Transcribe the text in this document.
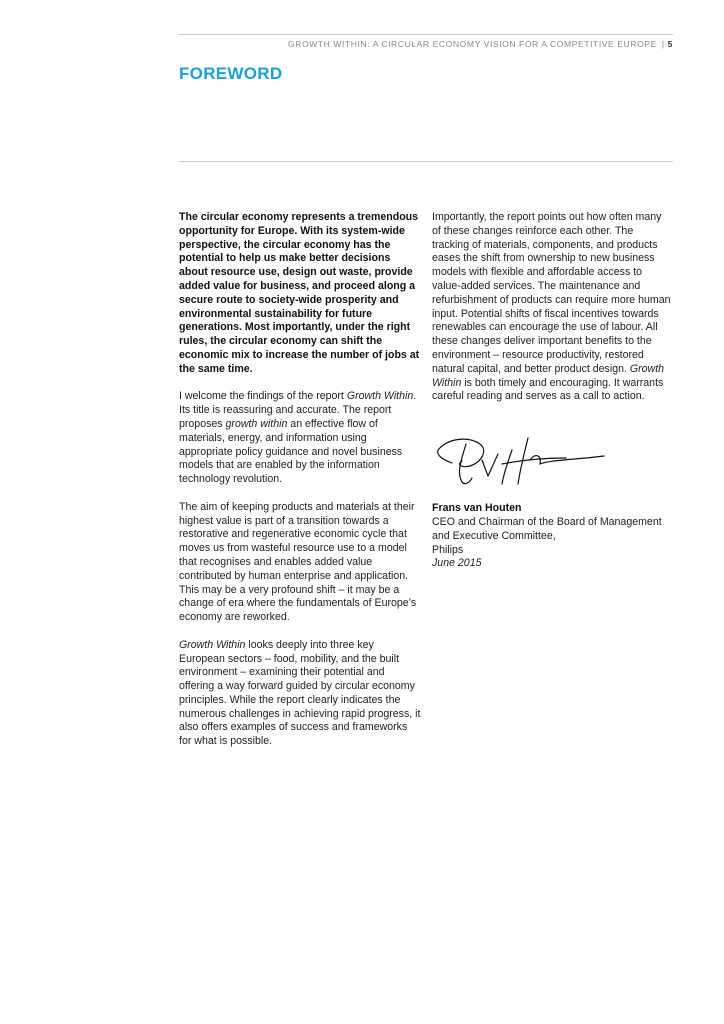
GROWTH WITHIN: A CIRCULAR ECONOMY VISION FOR A COMPETITIVE EUROPE | 5
FOREWORD

The circular economy represents a tremendous opportunity for Europe. With its system-wide perspective, the circular economy has the potential to help us make better decisions about resource use, design out waste, provide added value for business, and proceed along a secure route to society-wide prosperity and environmental sustainability for future generations. Most importantly, under the right rules, the circular economy can shift the economic mix to increase the number of jobs at the same time.

I welcome the findings of the report Growth Within. Its title is reassuring and accurate. The report proposes growth within an effective flow of materials, energy, and information using appropriate policy guidance and novel business models that are enabled by the information technology revolution.

The aim of keeping products and materials at their highest value is part of a transition towards a restorative and regenerative economic cycle that moves us from wasteful resource use to a model that recognises and enables added value contributed by human enterprise and application. This may be a very profound shift – it may be a change of era where the fundamentals of Europe’s economy are reworked.

Growth Within looks deeply into three key European sectors – food, mobility, and the built environment – examining their potential and offering a way forward guided by circular economy principles. While the report clearly indicates the numerous challenges in achieving rapid progress, it also offers examples of success and frameworks for what is possible.

Importantly, the report points out how often many of these changes reinforce each other. The tracking of materials, components, and products eases the shift from ownership to new business models with flexible and affordable access to value-added services. The maintenance and refurbishment of products can require more human input. Potential shifts of fiscal incentives towards renewables can encourage the use of labour. All these changes deliver important benefits to the environment – resource productivity, restored natural capital, and better product design. Growth Within is both timely and encouraging. It warrants careful reading and serves as a call to action.

Frans van Houten

CEO and Chairman of the Board of Management and Executive Committee,
Philips
June 2015
